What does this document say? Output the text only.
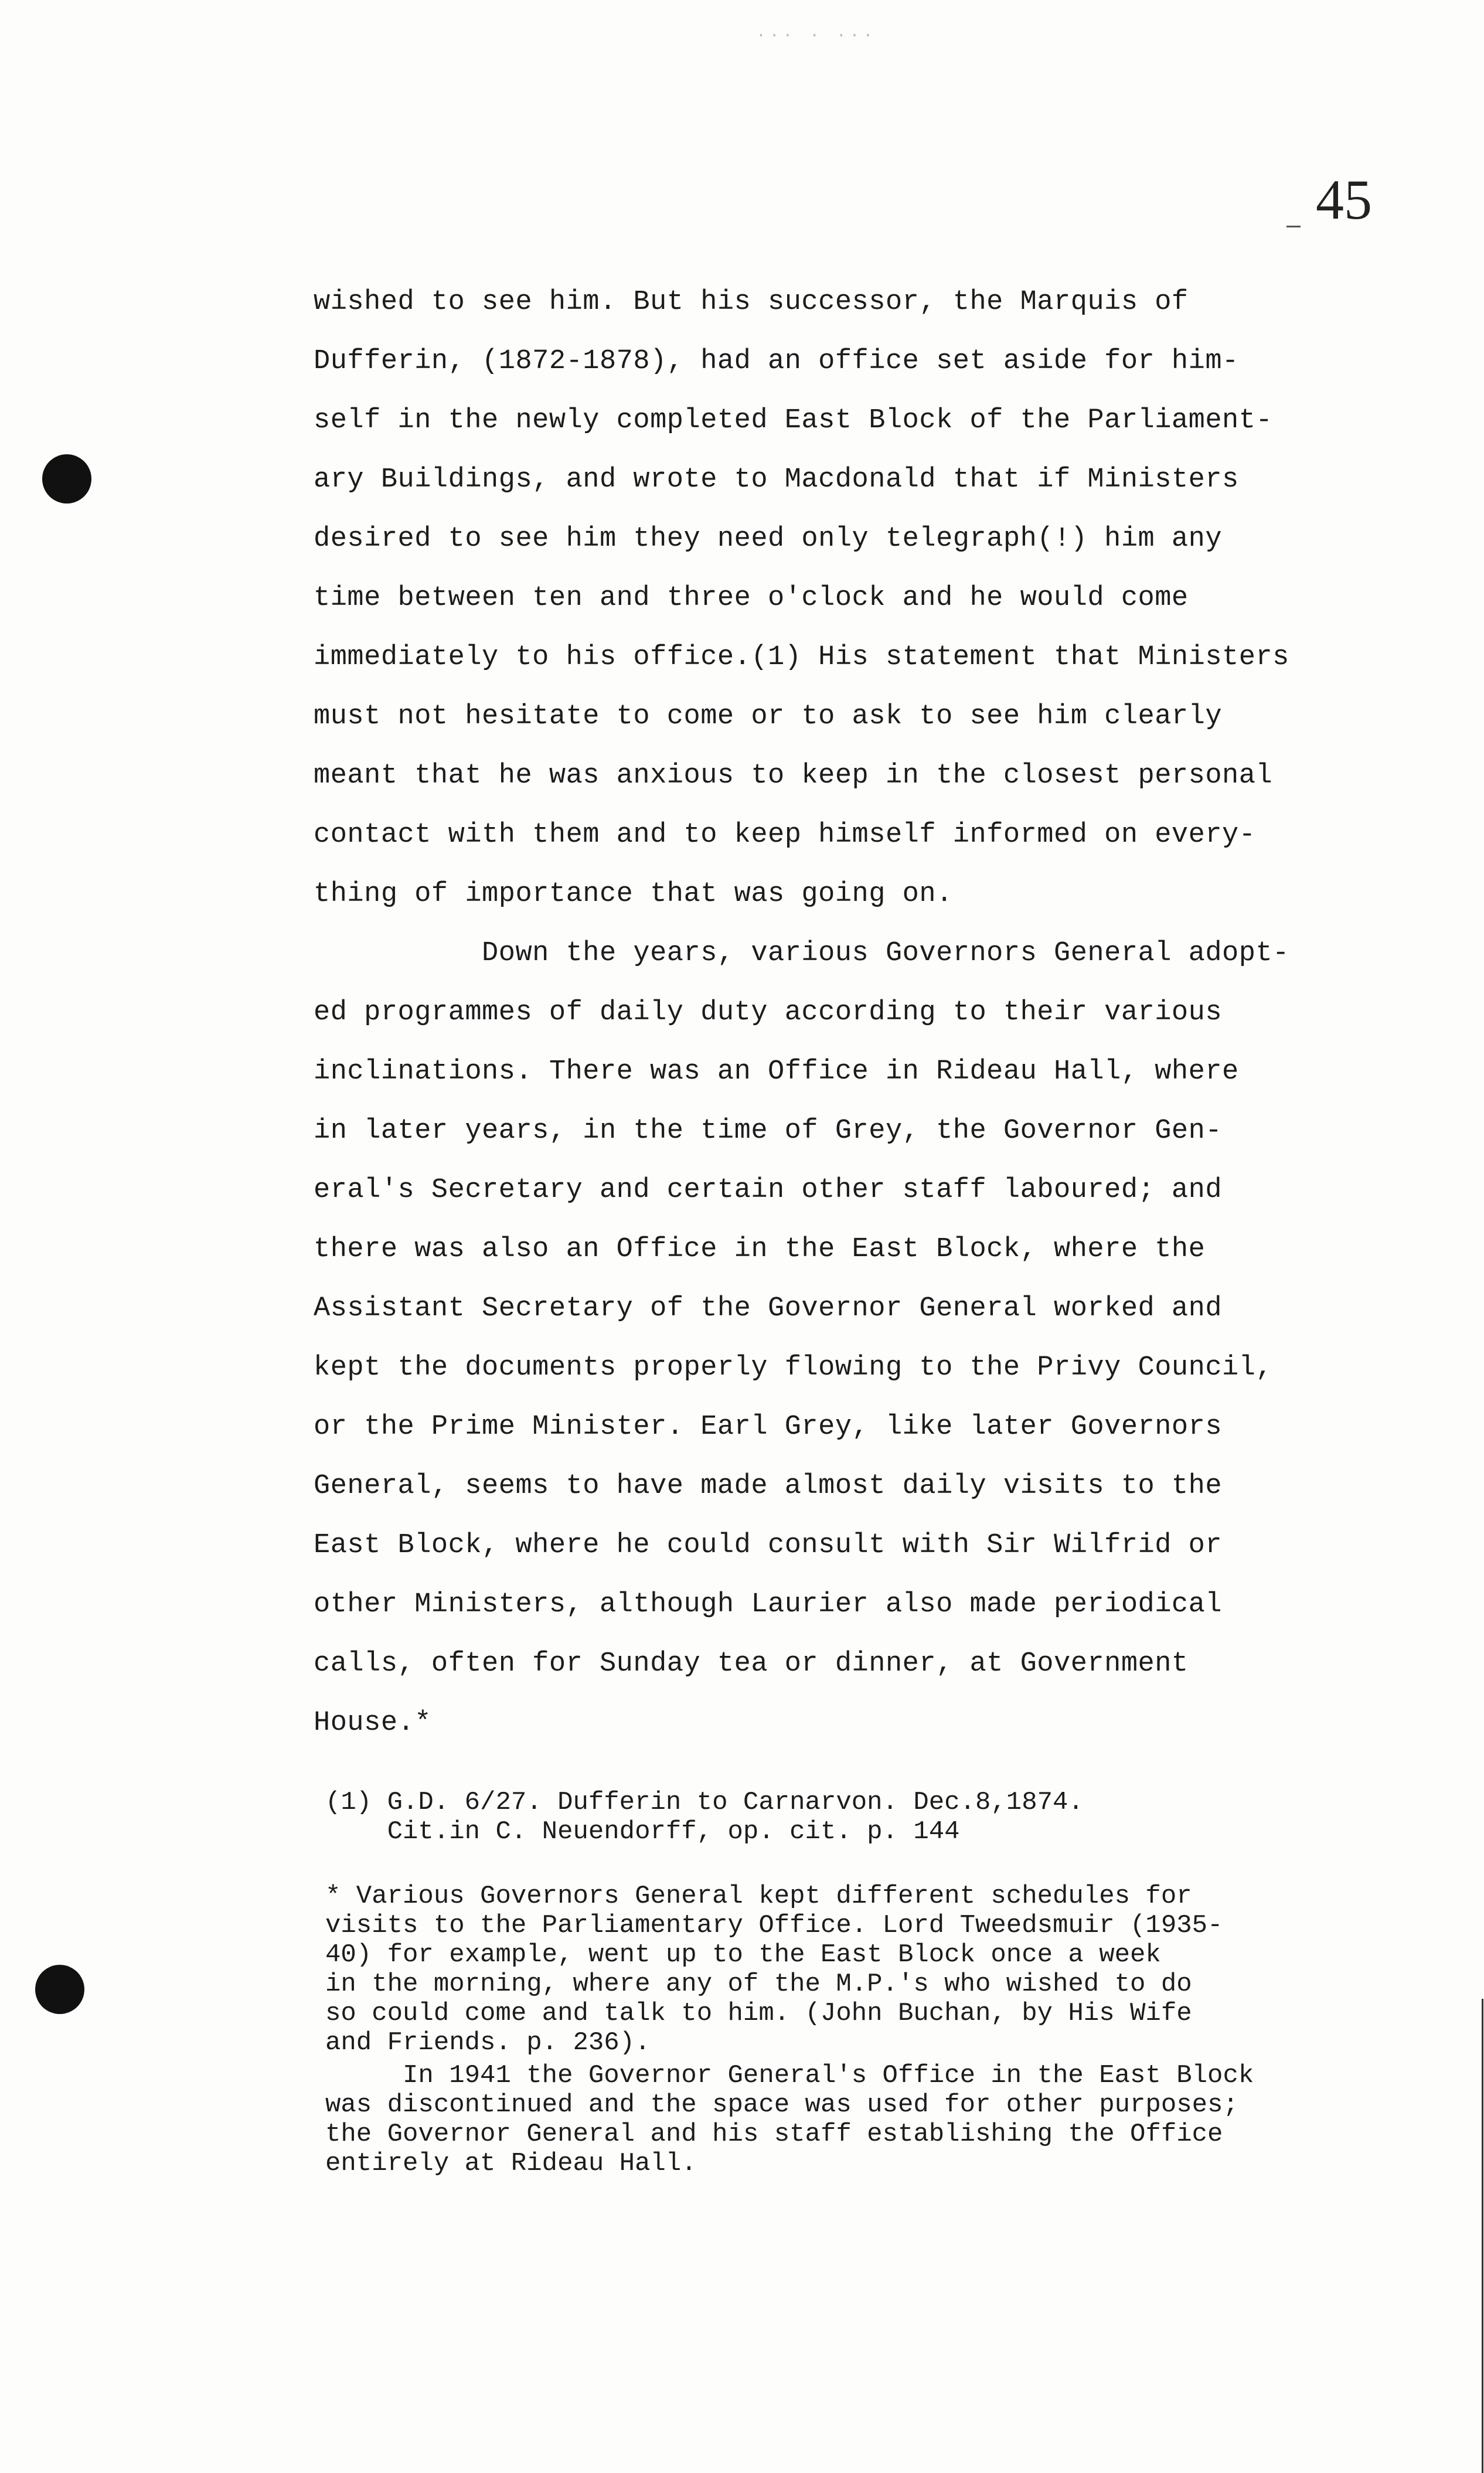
... . ...
45
wished to see him. But his successor, the Marquis of
Dufferin, (1872-1878), had an office set aside for him-
self in the newly completed East Block of the Parliament-
ary Buildings, and wrote to Macdonald that if Ministers
desired to see him they need only telegraph(!) him any
time between ten and three o'clock and he would come
immediately to his office.(1) His statement that Ministers
must not hesitate to come or to ask to see him clearly
meant that he was anxious to keep in the closest personal
contact with them and to keep himself informed on every-
thing of importance that was going on.
Down the years, various Governors General adopt-
ed programmes of daily duty according to their various
inclinations. There was an Office in Rideau Hall, where
in later years, in the time of Grey, the Governor Gen-
eral's Secretary and certain other staff laboured; and
there was also an Office in the East Block, where the
Assistant Secretary of the Governor General worked and
kept the documents properly flowing to the Privy Council,
or the Prime Minister. Earl Grey, like later Governors
General, seems to have made almost daily visits to the
East Block, where he could consult with Sir Wilfrid or
other Ministers, although Laurier also made periodical
calls, often for Sunday tea or dinner, at Government
House.*
(1) G.D. 6/27. Dufferin to Carnarvon. Dec.8,1874.
Cit.in C. Neuendorff, op. cit. p. 144
* Various Governors General kept different schedules for
visits to the Parliamentary Office. Lord Tweedsmuir (1935-
40) for example, went up to the East Block once a week
in the morning, where any of the M.P.'s who wished to do
so could come and talk to him. (John Buchan, by His Wife
and Friends. p. 236).
In 1941 the Governor General's Office in the East Block
was discontinued and the space was used for other purposes;
the Governor General and his staff establishing the Office
entirely at Rideau Hall.
